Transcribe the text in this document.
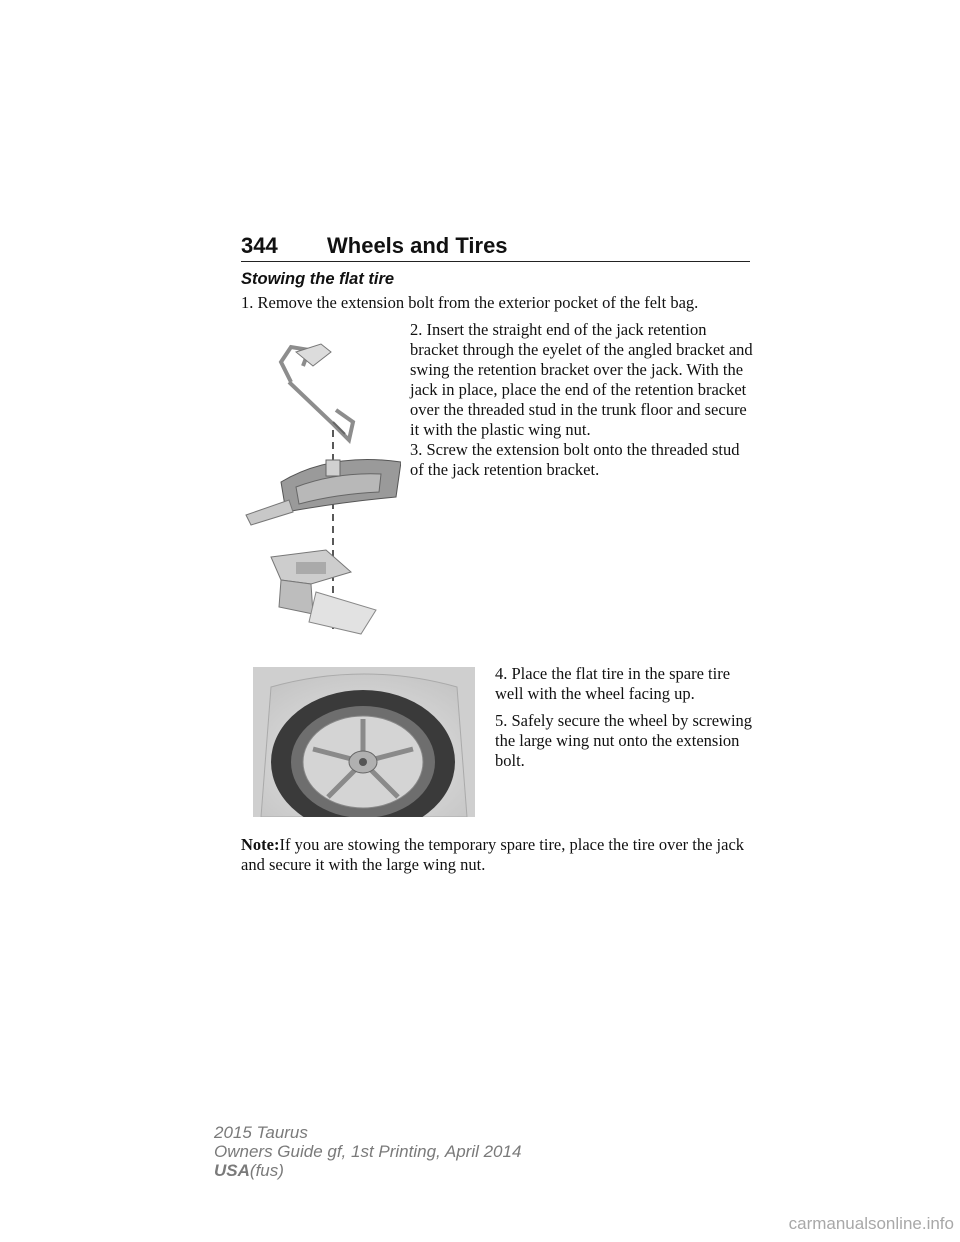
344 Wheels and Tires
Stowing the flat tire

1. Remove the extension bolt from the exterior pocket of the felt bag.

2. Insert the straight end of the jack retention bracket through the eyelet of the angled bracket and swing the retention bracket over the jack. With the jack in place, place the end of the retention bracket over the threaded stud in the trunk floor and secure it with the plastic wing nut.

3. Screw the extension bolt onto the threaded stud of the jack retention bracket.

4. Place the flat tire in the spare tire well with the wheel facing up.

5. Safely secure the wheel by screwing the large wing nut onto the extension bolt.

Note:If you are stowing the temporary spare tire, place the tire over the jack and secure it with the large wing nut.

2015 Taurus
Owners Guide gf, 1st Printing, April 2014
USA(fus)
carmanualsonline.info
